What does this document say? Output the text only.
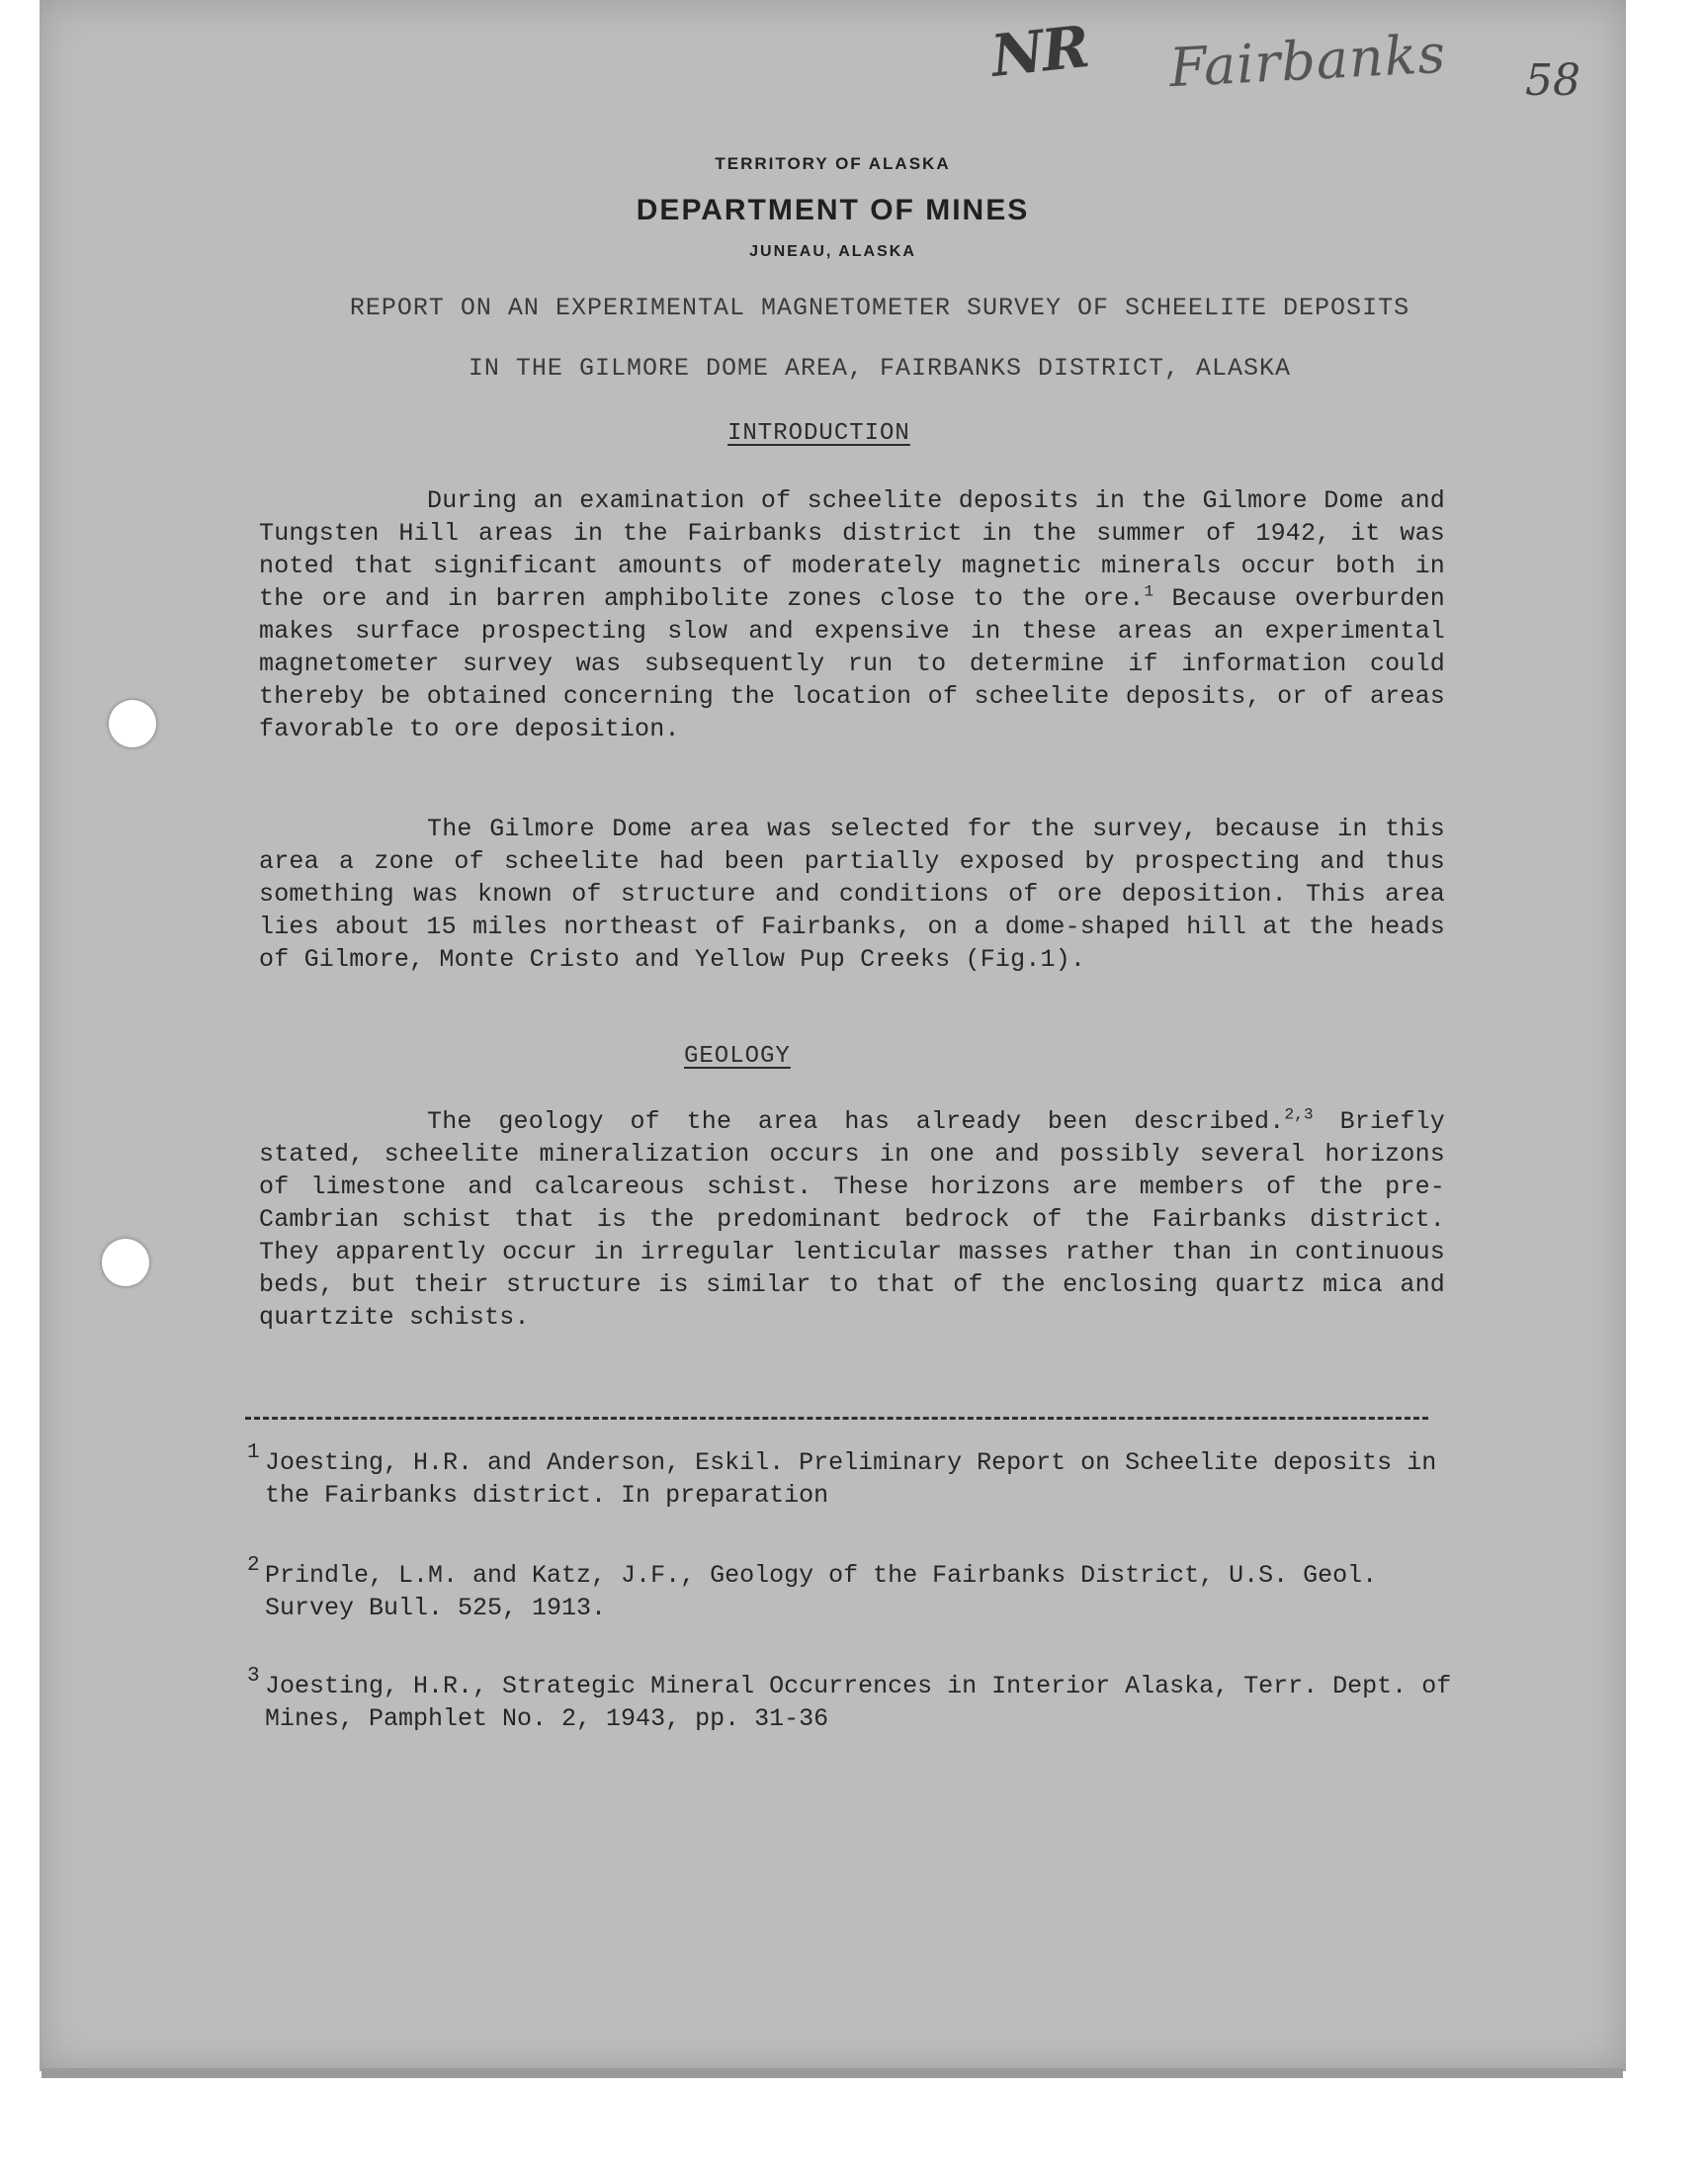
NR Fairbanks 58
TERRITORY OF ALASKA
DEPARTMENT OF MINES
JUNEAU, ALASKA
REPORT ON AN EXPERIMENTAL MAGNETOMETER SURVEY OF SCHEELITE DEPOSITS
IN THE GILMORE DOME AREA, FAIRBANKS DISTRICT, ALASKA
INTRODUCTION

During an examination of scheelite deposits in the Gilmore Dome and Tungsten Hill areas in the Fairbanks district in the summer of 1942, it was noted that significant amounts of moderately magnetic minerals occur both in the ore and in barren amphibolite zones close to the ore.$^1$ Because overburden makes surface prospecting slow and expensive in these areas an experimental magnetometer survey was subsequently run to determine if information could thereby be obtained concerning the location of scheelite deposits, or of areas favorable to ore deposition.

The Gilmore Dome area was selected for the survey, because in this area a zone of scheelite had been partially exposed by prospecting and thus something was known of structure and conditions of ore deposition. This area lies about 15 miles northeast of Fairbanks, on a dome-shaped hill at the heads of Gilmore, Monte Cristo and Yellow Pup Creeks (Fig.1).

GEOLOGY

The geology of the area has already been described.$^{2,3}$ Briefly stated, scheelite mineralization occurs in one and possibly several horizons of limestone and calcareous schist. These horizons are members of the pre-Cambrian schist that is the predominant bedrock of the Fairbanks district. They apparently occur in irregular lenticular masses rather than in continuous beds, but their structure is similar to that of the enclosing quartz mica and quartzite schists.

1 Joesting, H.R. and Anderson, Eskil. Preliminary Report on Scheelite deposits in the Fairbanks district. In preparation
2 Prindle, L.M. and Katz, J.F., Geology of the Fairbanks District, U.S. Geol. Survey Bull. 525, 1913.
3 Joesting, H.R., Strategic Mineral Occurrences in Interior Alaska, Terr. Dept. of Mines, Pamphlet No. 2, 1943, pp. 31-36
